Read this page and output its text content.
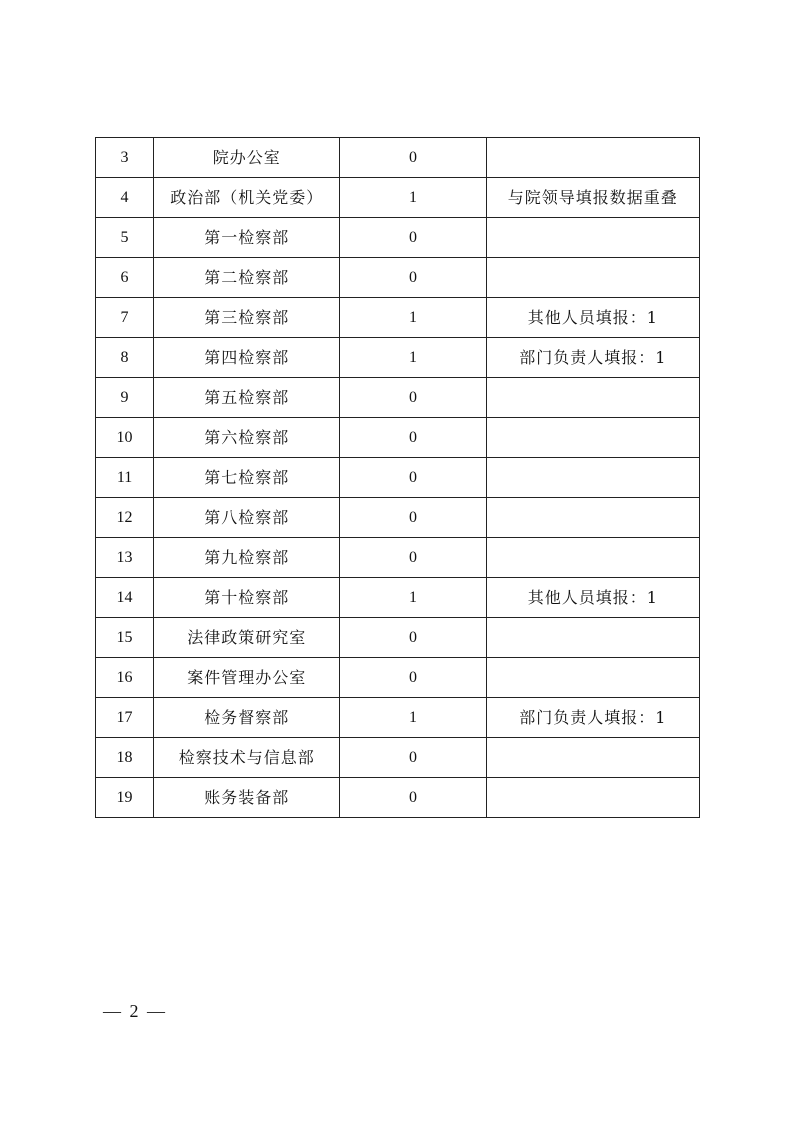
3	院办公室	0	
4	政治部（机关党委）	1	与院领导填报数据重叠
5	第一检察部	0	
6	第二检察部	0	
7	第三检察部	1	其他人员填报：1
8	第四检察部	1	部门负责人填报：1
9	第五检察部	0	
10	第六检察部	0	
11	第七检察部	0	
12	第八检察部	0	
13	第九检察部	0	
14	第十检察部	1	其他人员填报：1
15	法律政策研究室	0	
16	案件管理办公室	0	
17	检务督察部	1	部门负责人填报：1
18	检察技术与信息部	0	
19	账务装备部	0	
— 2 —
